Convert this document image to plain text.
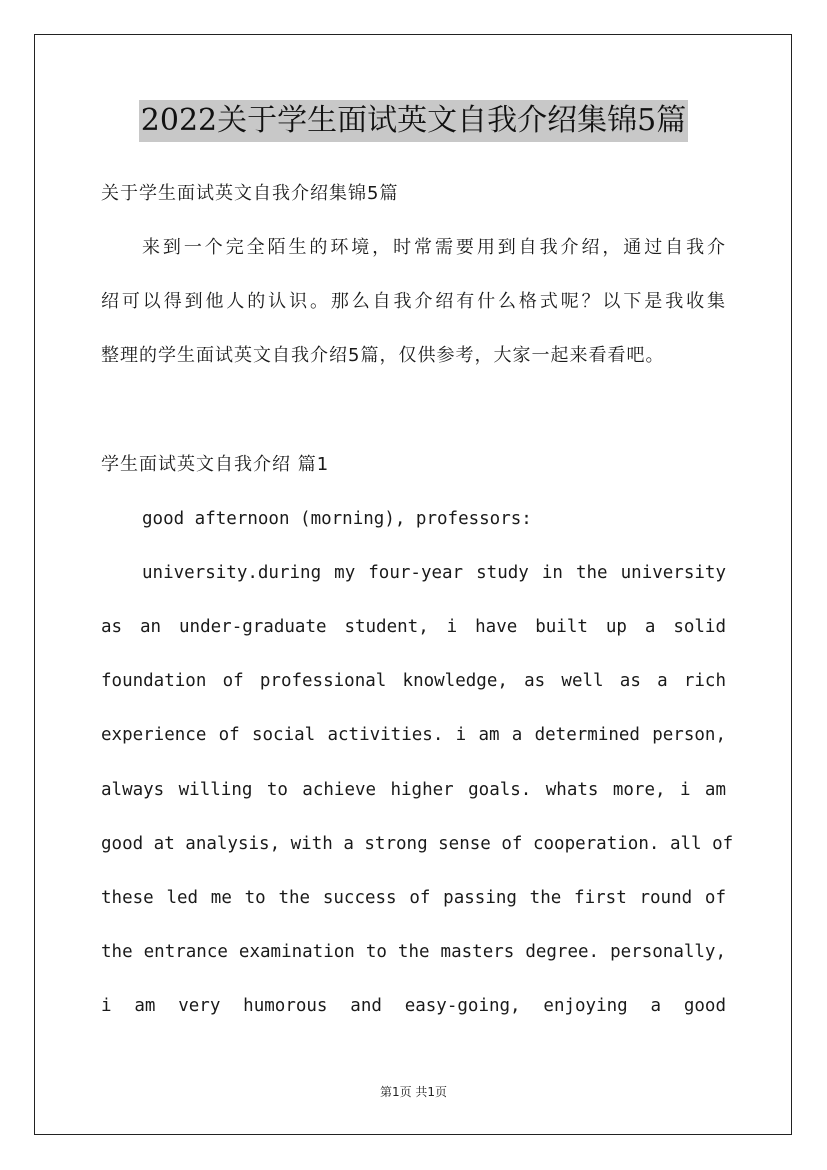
2022关于学生面试英文自我介绍集锦5篇
关于学生面试英文自我介绍集锦5篇
来到一个完全陌生的环境，时常需要用到自我介绍，通过自我介
绍可以得到他人的认识。那么自我介绍有什么格式呢？以下是我收集
整理的学生面试英文自我介绍5篇，仅供参考，大家一起来看看吧。
学生面试英文自我介绍 篇1
good afternoon (morning), professors:
university.during my four-year study in the university
as an under-graduate student, i have built up a solid
foundation of professional knowledge, as well as a rich
experience of social activities. i am a determined person,
always willing to achieve higher goals. whats more, i am
good at analysis, with a strong sense of cooperation. all of
these led me to the success of passing the first round of
the entrance examination to the masters degree. personally,
i am very humorous and easy-going, enjoying a good
第1页 共1页
